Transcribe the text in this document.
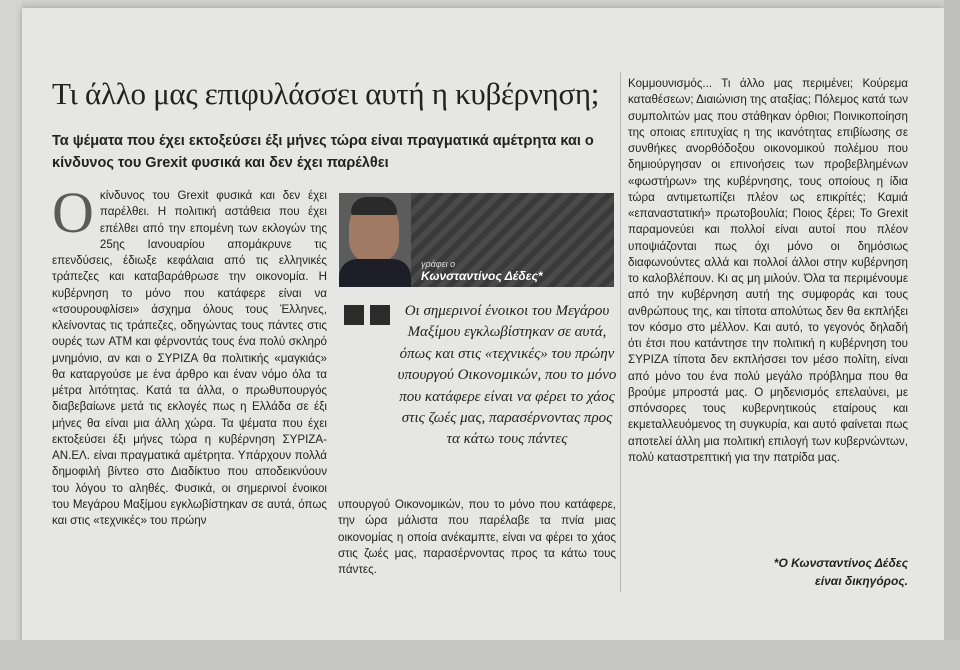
Τι άλλο μας επιφυλάσσει αυτή η κυβέρνηση;
Τα ψέματα που έχει εκτοξεύσει έξι μήνες τώρα είναι πραγματικά αμέτρητα και ο κίνδυνος του Grexit φυσικά και δεν έχει παρέλθει
Οκίνδυνος του Grexit φυσικά και δεν έχει παρέλθει. Η πολιτική αστάθεια που έχει επέλθει από την επομένη των εκλογών της 25ης Ιανουαρίου απομάκρυνε τις επενδύσεις, έδιωξε κεφάλαια από τις ελληνικές τράπεζες και καταβαράθρωσε την οικονομία. Η κυβέρνηση το μόνο που κατάφερε είναι να «τσουρουφλίσει» άσχημα όλους τους Έλληνες, κλείνοντας τις τράπεζες, οδηγώντας τους πάντες στις ουρές των ATM και φέρνοντάς τους ένα πολύ σκληρό μνημόνιο, αν και ο ΣΥΡΙΖΑ θα πολιτικής «μαγκιάς» θα καταργούσε με ένα άρθρο και έναν νόμο όλα τα μέτρα λιτότητας. Κατά τα άλλα, ο πρωθυπουργός διαβεβαίωνε μετά τις εκλογές πως η Ελλάδα σε έξι μήνες θα είναι μια άλλη χώρα. Τα ψέματα που έχει εκτοξεύσει έξι μήνες τώρα η κυβέρνηση ΣΥΡΙΖΑ-ΑΝ.ΕΛ. είναι πραγματικά αμέτρητα. Υπάρχουν πολλά δημοφιλή βίντεο στο Διαδίκτυο που αποδεικνύουν του λόγου το αληθές. Φυσικά, οι σημερινοί ένοικοι του Μεγάρου Μαξίμου εγκλωβίστηκαν σε αυτά, όπως και στις «τεχνικές» του πρώην
γράφει ο
Κωνσταντίνος Δέδες*
Οι σημερινοί ένοικοι του Μεγάρου Μαξίμου εγκλωβίστηκαν σε αυτά, όπως και στις «τεχνικές» του πρώην υπουργού Οικονομικών, που το μόνο που κατάφερε είναι να φέρει το χάος στις ζωές μας, παρασέρνοντας προς τα κάτω τους πάντες
υπουργού Οικονομικών, που το μόνο που κατάφερε, την ώρα μάλιστα που παρέλαβε τα πνία μιας οικονομίας η οποία ανέκαμπτε, είναι να φέρει το χάος στις ζωές μας, παρασέρνοντας προς τα κάτω τους πάντες.
Κομμουνισμός... Τι άλλο μας περιμένει; Κούρεμα καταθέσεων; Διαιώνιση της αταξίας; Πόλεμος κατά των συμπολιτών μας που στάθηκαν όρθιοι; Ποινικοποίηση της οποιας επιτυχίας η της ικανότητας επιβίωσης σε συνθήκες ανορθόδοξου οικονομικού πολέμου που δημιούργησαν οι επινοήσεις των προβεβλημένων «φωστήρων» της κυβέρνησης, τους οποίους η ίδια τώρα αντιμετωπίζει πλέον ως επικρίτές; Καμιά «επαναστατική» πρωτοβουλία; Ποιος ξέρει; Το Grexit παραμονεύει και πολλοί είναι αυτοί που πλέον υποψιάζονται πως όχι μόνο οι δημόσιως διαφωνούντες αλλά και πολλοί άλλοι στην κυβέρνηση το καλοβλέπουν. Κι ας μη μιλούν. Όλα τα περιμένουμε από την κυβέρνηση αυτή της συμφοράς και τους ανθρώπους της, και τίποτα απολύτως δεν θα εκπλήξει τον κόσμο στο μέλλον. Και αυτό, το γεγονός δηλαδή ότι έτσι που κατάντησε την πολιτική η κυβέρνηση του ΣΥΡΙΖΑ τίποτα δεν εκπλήσσει τον μέσο πολίτη, είναι από μόνο του ένα πολύ μεγάλο πρόβλημα που θα βρούμε μπροστά μας. Ο μηδενισμός επελαύνει, με σπόνσορες τους κυβερνητικούς εταίρους και εκμεταλλευόμενος τη συγκυρία, και αυτό φαίνεται πως αποτελεί άλλη μια πολιτική επιλογή των κυβερνώντων, πολύ καταστρεπτική για την πατρίδα μας.
*Ο Κωνσταντίνος Δέδες
είναι δικηγόρος.
